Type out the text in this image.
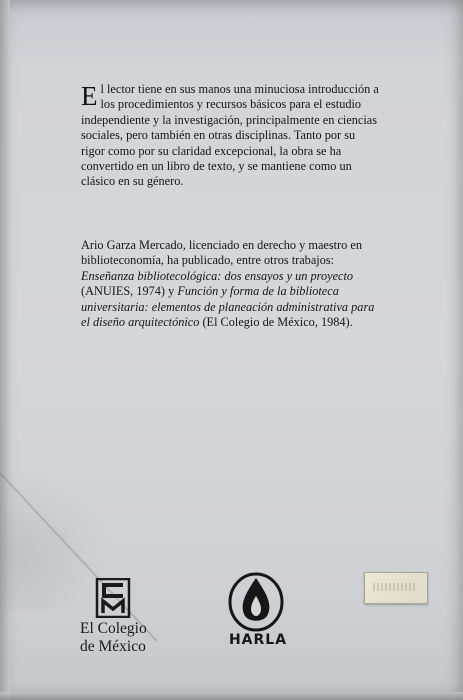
El lector tiene en sus manos una minuciosa introducción a los procedimientos y recursos básicos para el estudio independiente y la investigación, principalmente en ciencias sociales, pero también en otras disciplinas. Tanto por su rigor como por su claridad excepcional, la obra se ha convertido en un libro de texto, y se mantiene como un clásico en su género.

Ario Garza Mercado, licenciado en derecho y maestro en biblioteconomía, ha publicado, entre otros trabajos: Enseñanza bibliotecológica: dos ensayos y un proyecto (ANUIES, 1974) y Función y forma de la biblioteca universitaria: elementos de planeación administrativa para el diseño arquitectónico (El Colegio de México, 1984).

El Colegio
de México	HARLA
